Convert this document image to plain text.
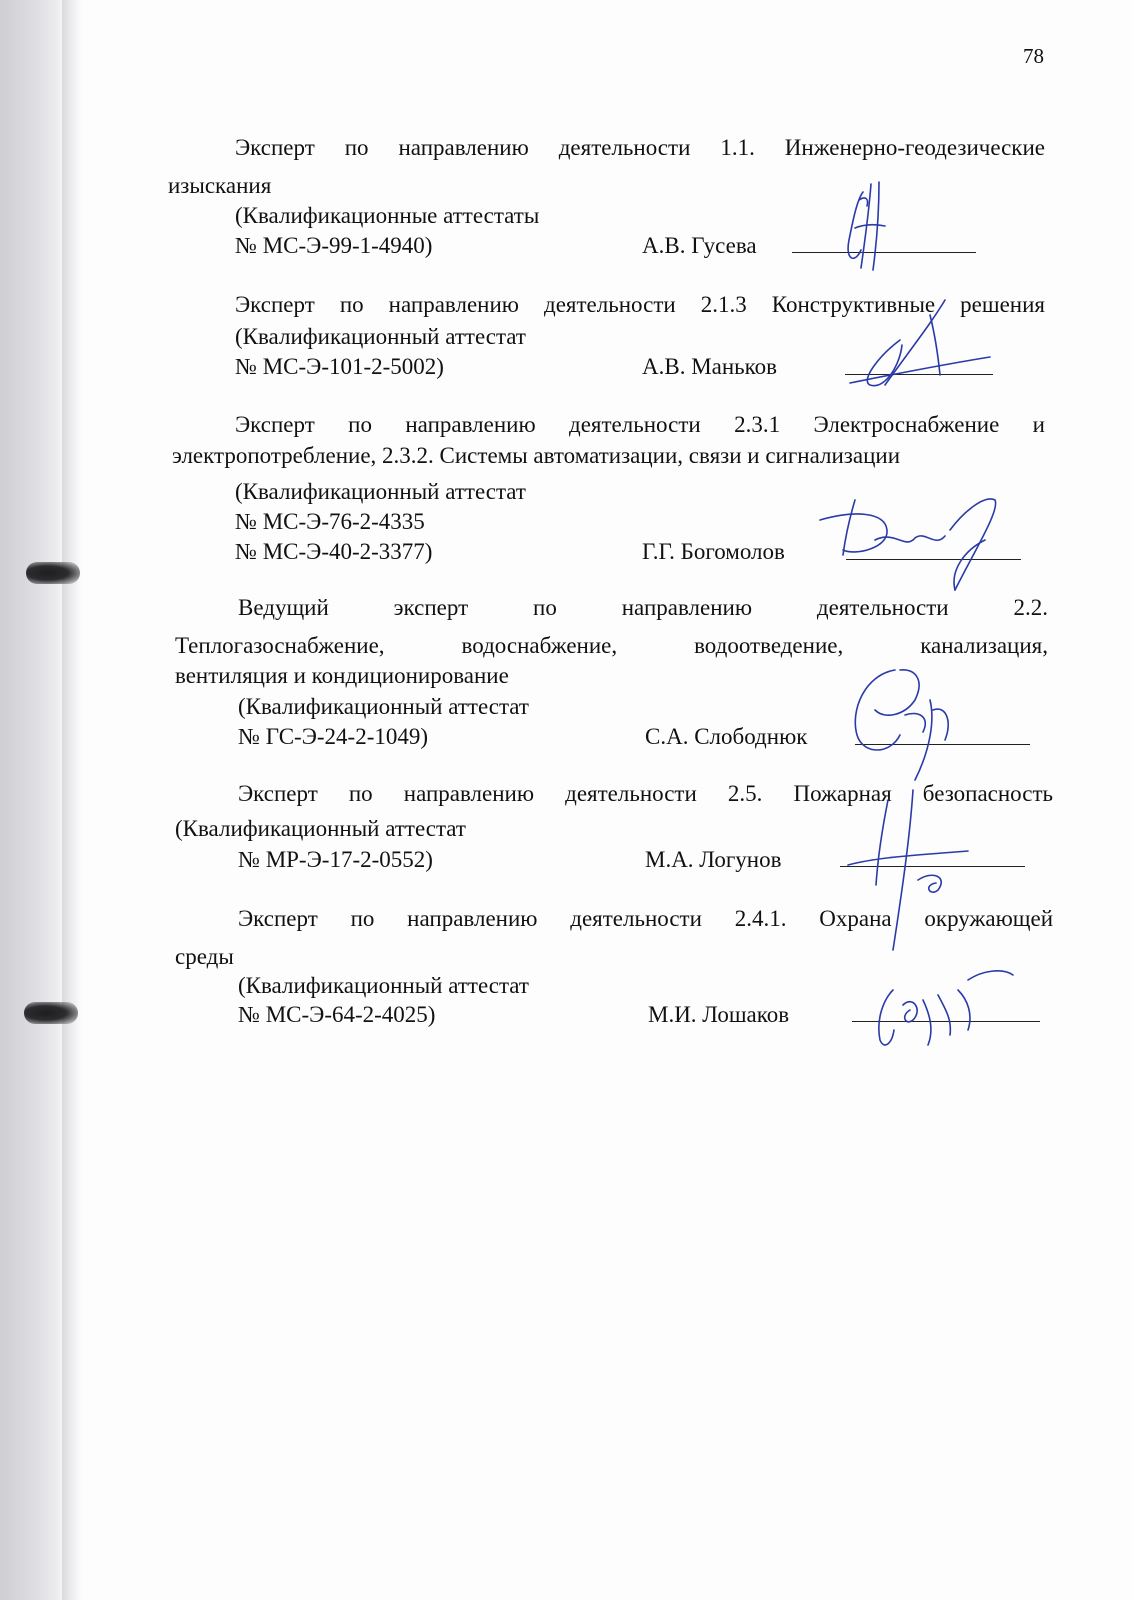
78
Эксперт по направлению деятельности 1.1. Инженерно-геодезические
изыскания
(Квалификационные аттестаты
№ МС-Э-99-1-4940)	А.В. Гусева
Эксперт по направлению деятельности 2.1.3 Конструктивные решения
(Квалификационный аттестат
№ МС-Э-101-2-5002)	А.В. Маньков
Эксперт по направлению деятельности 2.3.1 Электроснабжение и
электропотребление, 2.3.2. Системы автоматизации, связи и сигнализации
(Квалификационный аттестат
№ МС-Э-76-2-4335
№ МС-Э-40-2-3377)	Г.Г. Богомолов
Ведущий эксперт по направлению деятельности 2.2.
Теплогазоснабжение, водоснабжение, водоотведение, канализация,
вентиляция и кондиционирование
(Квалификационный аттестат
№ ГС-Э-24-2-1049)	С.А. Слободнюк
Эксперт по направлению деятельности 2.5. Пожарная безопасность
(Квалификационный аттестат
№ МР-Э-17-2-0552)	М.А. Логунов
Эксперт по направлению деятельности 2.4.1. Охрана окружающей
среды
(Квалификационный аттестат
№ МС-Э-64-2-4025)	М.И. Лошаков
